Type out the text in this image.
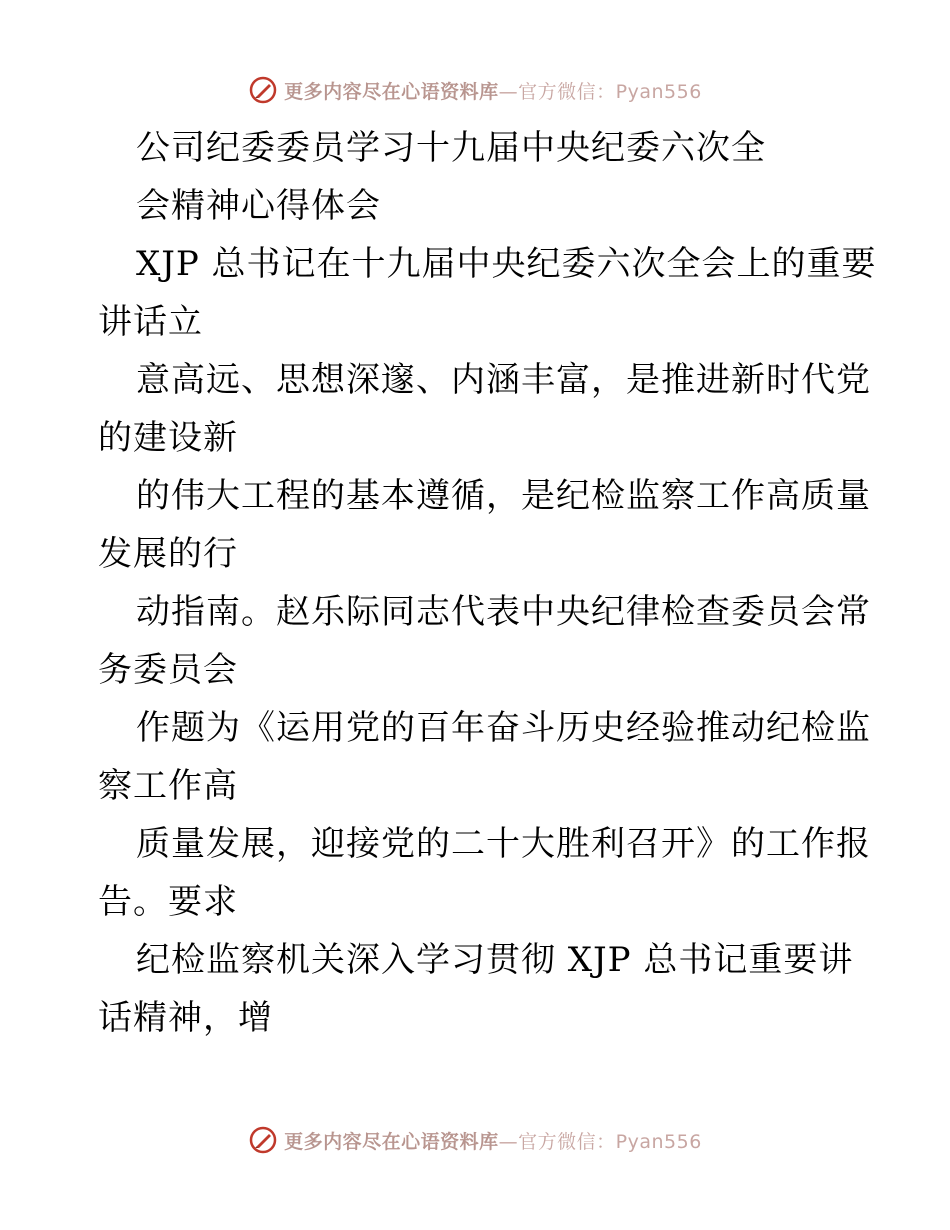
更多内容尽在心语资料库—官方微信：Pyan556
公司纪委委员学习十九届中央纪委六次全
会精神心得体会
XJP 总书记在十九届中央纪委六次全会上的重要
讲话立
意高远、思想深邃、内涵丰富，是推进新时代党
的建设新
的伟大工程的基本遵循，是纪检监察工作高质量
发展的行
动指南。赵乐际同志代表中央纪律检查委员会常
务委员会
作题为《运用党的百年奋斗历史经验推动纪检监
察工作高
质量发展，迎接党的二十大胜利召开》的工作报
告。要求
纪检监察机关深入学习贯彻 XJP 总书记重要讲
话精神，增
更多内容尽在心语资料库—官方微信：Pyan556
